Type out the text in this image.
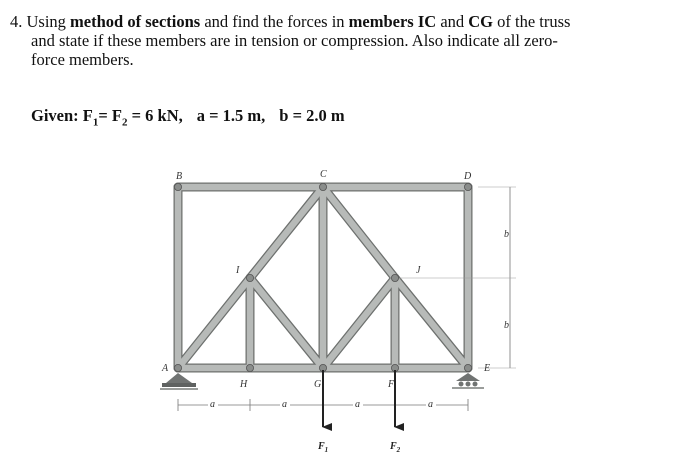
4. Using method of sections and find the forces in members IC and CG of the truss
and state if these members are in tension or compression. Also indicate all zero-
force members.
Given: $F_1= F_2 = 6$ kN, a = 1.5 m, b = 2.0 m
b
b
a	a	a	a
$F_1$	$F_2$
A
B	C	D
E
F
G
H
I	J
